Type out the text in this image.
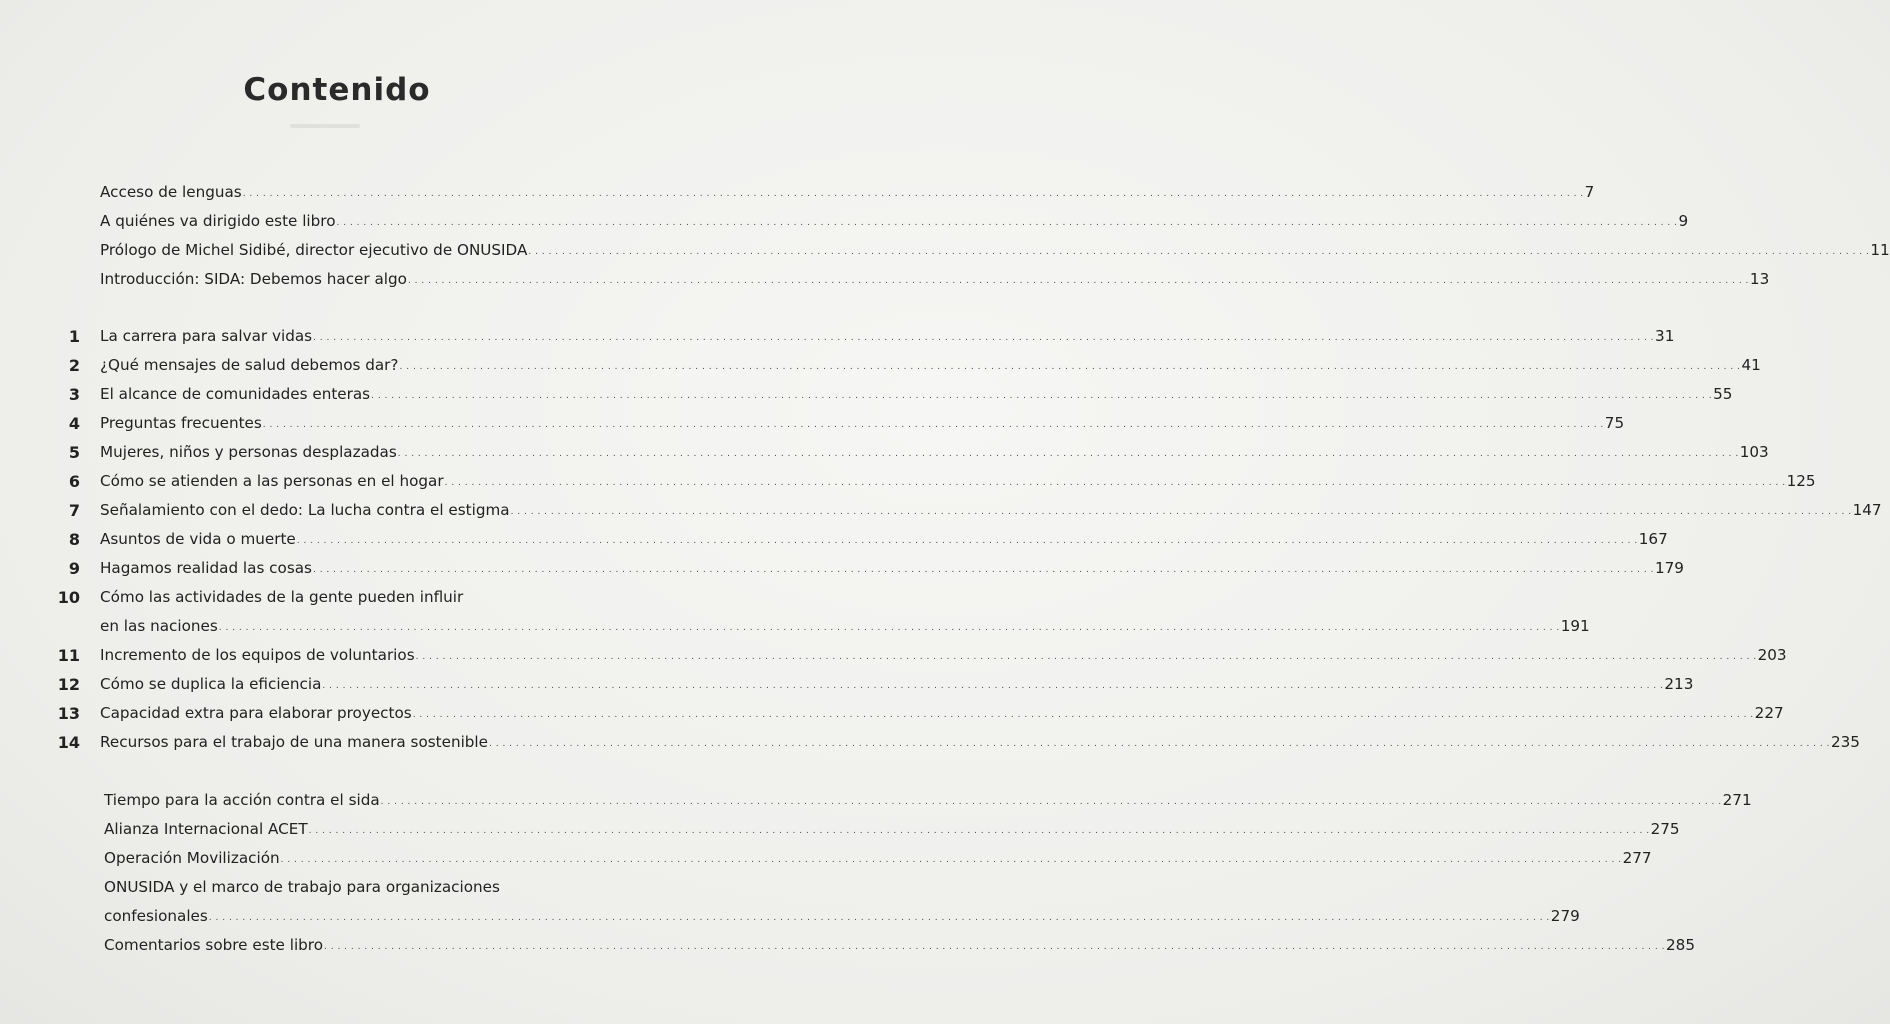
Contenido
Acceso de lenguas . . . . . . . . . . . . . . . . . . . . . . . . . . . . . . . . . . . . . . . . . . . . . . . . . . . . . . . . . . . . . . . . . . . . . . . . . . . . . . . . . . . . . . . . . . . . . . . . . . . . . . . . . . . . . . . . . . . . . . . . . . . . . . . . . . . . . . . . . . . . . . . . . . . . . . . . . . . . . . . . . . . . . . . . . . . . . . . . . . . . . . . . . . . . . . . . . . . . . . . . 7
A quiénes va dirigido este libro . . . . . . . . . . . . . . . . . . . . . . . . . . . . . . . . . . . . . . . . . . . . . . . . . . . . . . . . . . . . . . . . . . . . . . . . . . . . . . . . . . . . . . . . . . . . . . . . . . . . . . . . . . . . . . . . . . . . . . . . . . . . . . . . . . . . . . . . . . . . . . . . . . . . . . . . . . . . . . . . . . . . . . . . . . . . . . . . . . . . . . . . . . . . . . . . . . . . . . . . 9
Prólogo de Michel Sidibé, director ejecutivo de ONUSIDA . . . . . . . . . . . . . . . . . . . . . . . . . . . . . . . . . . . . . . . . . . . . . . . . . . . . . . . . . . . . . . . . . . . . . . . . . . . . . . . . . . . . . . . . . . . . . . . . . . . . . . . . . . . . . . . . . . . . . . . . . . . . . . . . . . . . . . . . . . . . . . . . . . . . . . . . . . . . . . . . . . . . . . . . . . . . . . . . . . . . . . . . . . . . . . . . . . . . . . . . 11
Introducción: SIDA: Debemos hacer algo . . . . . . . . . . . . . . . . . . . . . . . . . . . . . . . . . . . . . . . . . . . . . . . . . . . . . . . . . . . . . . . . . . . . . . . . . . . . . . . . . . . . . . . . . . . . . . . . . . . . . . . . . . . . . . . . . . . . . . . . . . . . . . . . . . . . . . . . . . . . . . . . . . . . . . . . . . . . . . . . . . . . . . . . . . . . . . . . . . . . . . . . . . . . . . . . . . . . . . . . 13
1 La carrera para salvar vidas . . . . . . . . . . . . . . . . . . . . . . . . . . . . . . . . . . . . . . . . . . . . . . . . . . . . . . . . . . . . . . . . . . . . . . . . . . . . . . . . . . . . . . . . . . . . . . . . . . . . . . . . . . . . . . . . . . . . . . . . . . . . . . . . . . . . . . . . . . . . . . . . . . . . . . . . . . . . . . . . . . . . . . . . . . . . . . . . . . . . . . . . . . . . . . . . . . . . . . . . 31
2 ¿Qué mensajes de salud debemos dar? . . . . . . . . . . . . . . . . . . . . . . . . . . . . . . . . . . . . . . . . . . . . . . . . . . . . . . . . . . . . . . . . . . . . . . . . . . . . . . . . . . . . . . . . . . . . . . . . . . . . . . . . . . . . . . . . . . . . . . . . . . . . . . . . . . . . . . . . . . . . . . . . . . . . . . . . . . . . . . . . . . . . . . . . . . . . . . . . . . . . . . . . . . . . . . . . . . . . . . . . 41
3 El alcance de comunidades enteras . . . . . . . . . . . . . . . . . . . . . . . . . . . . . . . . . . . . . . . . . . . . . . . . . . . . . . . . . . . . . . . . . . . . . . . . . . . . . . . . . . . . . . . . . . . . . . . . . . . . . . . . . . . . . . . . . . . . . . . . . . . . . . . . . . . . . . . . . . . . . . . . . . . . . . . . . . . . . . . . . . . . . . . . . . . . . . . . . . . . . . . . . . . . . . . . . . . . . . . . 55
4 Preguntas frecuentes . . . . . . . . . . . . . . . . . . . . . . . . . . . . . . . . . . . . . . . . . . . . . . . . . . . . . . . . . . . . . . . . . . . . . . . . . . . . . . . . . . . . . . . . . . . . . . . . . . . . . . . . . . . . . . . . . . . . . . . . . . . . . . . . . . . . . . . . . . . . . . . . . . . . . . . . . . . . . . . . . . . . . . . . . . . . . . . . . . . . . . . . . . . . . . . . . . . . . . . . 75
5 Mujeres, niños y personas desplazadas . . . . . . . . . . . . . . . . . . . . . . . . . . . . . . . . . . . . . . . . . . . . . . . . . . . . . . . . . . . . . . . . . . . . . . . . . . . . . . . . . . . . . . . . . . . . . . . . . . . . . . . . . . . . . . . . . . . . . . . . . . . . . . . . . . . . . . . . . . . . . . . . . . . . . . . . . . . . . . . . . . . . . . . . . . . . . . . . . . . . . . . . . . . . . . . . . . . . . . . . 103
6 Cómo se atienden a las personas en el hogar . . . . . . . . . . . . . . . . . . . . . . . . . . . . . . . . . . . . . . . . . . . . . . . . . . . . . . . . . . . . . . . . . . . . . . . . . . . . . . . . . . . . . . . . . . . . . . . . . . . . . . . . . . . . . . . . . . . . . . . . . . . . . . . . . . . . . . . . . . . . . . . . . . . . . . . . . . . . . . . . . . . . . . . . . . . . . . . . . . . . . . . . . . . . . . . . . . . . . . . . 125
7 Señalamiento con el dedo: La lucha contra el estigma . . . . . . . . . . . . . . . . . . . . . . . . . . . . . . . . . . . . . . . . . . . . . . . . . . . . . . . . . . . . . . . . . . . . . . . . . . . . . . . . . . . . . . . . . . . . . . . . . . . . . . . . . . . . . . . . . . . . . . . . . . . . . . . . . . . . . . . . . . . . . . . . . . . . . . . . . . . . . . . . . . . . . . . . . . . . . . . . . . . . . . . . . . . . . . . . . . . . . . . . 147
8 Asuntos de vida o muerte . . . . . . . . . . . . . . . . . . . . . . . . . . . . . . . . . . . . . . . . . . . . . . . . . . . . . . . . . . . . . . . . . . . . . . . . . . . . . . . . . . . . . . . . . . . . . . . . . . . . . . . . . . . . . . . . . . . . . . . . . . . . . . . . . . . . . . . . . . . . . . . . . . . . . . . . . . . . . . . . . . . . . . . . . . . . . . . . . . . . . . . . . . . . . . . . . . . . . . . . 167
9 Hagamos realidad las cosas . . . . . . . . . . . . . . . . . . . . . . . . . . . . . . . . . . . . . . . . . . . . . . . . . . . . . . . . . . . . . . . . . . . . . . . . . . . . . . . . . . . . . . . . . . . . . . . . . . . . . . . . . . . . . . . . . . . . . . . . . . . . . . . . . . . . . . . . . . . . . . . . . . . . . . . . . . . . . . . . . . . . . . . . . . . . . . . . . . . . . . . . . . . . . . . . . . . . . . . . 179
10 Cómo las actividades de la gente pueden influir
en las naciones . . . . . . . . . . . . . . . . . . . . . . . . . . . . . . . . . . . . . . . . . . . . . . . . . . . . . . . . . . . . . . . . . . . . . . . . . . . . . . . . . . . . . . . . . . . . . . . . . . . . . . . . . . . . . . . . . . . . . . . . . . . . . . . . . . . . . . . . . . . . . . . . . . . . . . . . . . . . . . . . . . . . . . . . . . . . . . . . . . . . . . . . . . . . . . . . . . . . . . . . 191
11 Incremento de los equipos de voluntarios . . . . . . . . . . . . . . . . . . . . . . . . . . . . . . . . . . . . . . . . . . . . . . . . . . . . . . . . . . . . . . . . . . . . . . . . . . . . . . . . . . . . . . . . . . . . . . . . . . . . . . . . . . . . . . . . . . . . . . . . . . . . . . . . . . . . . . . . . . . . . . . . . . . . . . . . . . . . . . . . . . . . . . . . . . . . . . . . . . . . . . . . . . . . . . . . . . . . . . . . 203
12 Cómo se duplica la eficiencia . . . . . . . . . . . . . . . . . . . . . . . . . . . . . . . . . . . . . . . . . . . . . . . . . . . . . . . . . . . . . . . . . . . . . . . . . . . . . . . . . . . . . . . . . . . . . . . . . . . . . . . . . . . . . . . . . . . . . . . . . . . . . . . . . . . . . . . . . . . . . . . . . . . . . . . . . . . . . . . . . . . . . . . . . . . . . . . . . . . . . . . . . . . . . . . . . . . . . . . . 213
13 Capacidad extra para elaborar proyectos . . . . . . . . . . . . . . . . . . . . . . . . . . . . . . . . . . . . . . . . . . . . . . . . . . . . . . . . . . . . . . . . . . . . . . . . . . . . . . . . . . . . . . . . . . . . . . . . . . . . . . . . . . . . . . . . . . . . . . . . . . . . . . . . . . . . . . . . . . . . . . . . . . . . . . . . . . . . . . . . . . . . . . . . . . . . . . . . . . . . . . . . . . . . . . . . . . . . . . . . 227
14 Recursos para el trabajo de una manera sostenible . . . . . . . . . . . . . . . . . . . . . . . . . . . . . . . . . . . . . . . . . . . . . . . . . . . . . . . . . . . . . . . . . . . . . . . . . . . . . . . . . . . . . . . . . . . . . . . . . . . . . . . . . . . . . . . . . . . . . . . . . . . . . . . . . . . . . . . . . . . . . . . . . . . . . . . . . . . . . . . . . . . . . . . . . . . . . . . . . . . . . . . . . . . . . . . . . . . . . . . . 235
Tiempo para la acción contra el sida . . . . . . . . . . . . . . . . . . . . . . . . . . . . . . . . . . . . . . . . . . . . . . . . . . . . . . . . . . . . . . . . . . . . . . . . . . . . . . . . . . . . . . . . . . . . . . . . . . . . . . . . . . . . . . . . . . . . . . . . . . . . . . . . . . . . . . . . . . . . . . . . . . . . . . . . . . . . . . . . . . . . . . . . . . . . . . . . . . . . . . . . . . . . . . . . . . . . . . . . 271
Alianza Internacional ACET . . . . . . . . . . . . . . . . . . . . . . . . . . . . . . . . . . . . . . . . . . . . . . . . . . . . . . . . . . . . . . . . . . . . . . . . . . . . . . . . . . . . . . . . . . . . . . . . . . . . . . . . . . . . . . . . . . . . . . . . . . . . . . . . . . . . . . . . . . . . . . . . . . . . . . . . . . . . . . . . . . . . . . . . . . . . . . . . . . . . . . . . . . . . . . . . . . . . . . . . 275
Operación Movilización . . . . . . . . . . . . . . . . . . . . . . . . . . . . . . . . . . . . . . . . . . . . . . . . . . . . . . . . . . . . . . . . . . . . . . . . . . . . . . . . . . . . . . . . . . . . . . . . . . . . . . . . . . . . . . . . . . . . . . . . . . . . . . . . . . . . . . . . . . . . . . . . . . . . . . . . . . . . . . . . . . . . . . . . . . . . . . . . . . . . . . . . . . . . . . . . . . . . . . . . 277
ONUSIDA y el marco de trabajo para organizaciones
confesionales . . . . . . . . . . . . . . . . . . . . . . . . . . . . . . . . . . . . . . . . . . . . . . . . . . . . . . . . . . . . . . . . . . . . . . . . . . . . . . . . . . . . . . . . . . . . . . . . . . . . . . . . . . . . . . . . . . . . . . . . . . . . . . . . . . . . . . . . . . . . . . . . . . . . . . . . . . . . . . . . . . . . . . . . . . . . . . . . . . . . . . . . . . . . . . . . . . . . . . . . 279
Comentarios sobre este libro . . . . . . . . . . . . . . . . . . . . . . . . . . . . . . . . . . . . . . . . . . . . . . . . . . . . . . . . . . . . . . . . . . . . . . . . . . . . . . . . . . . . . . . . . . . . . . . . . . . . . . . . . . . . . . . . . . . . . . . . . . . . . . . . . . . . . . . . . . . . . . . . . . . . . . . . . . . . . . . . . . . . . . . . . . . . . . . . . . . . . . . . . . . . . . . . . . . . . . . . 285
